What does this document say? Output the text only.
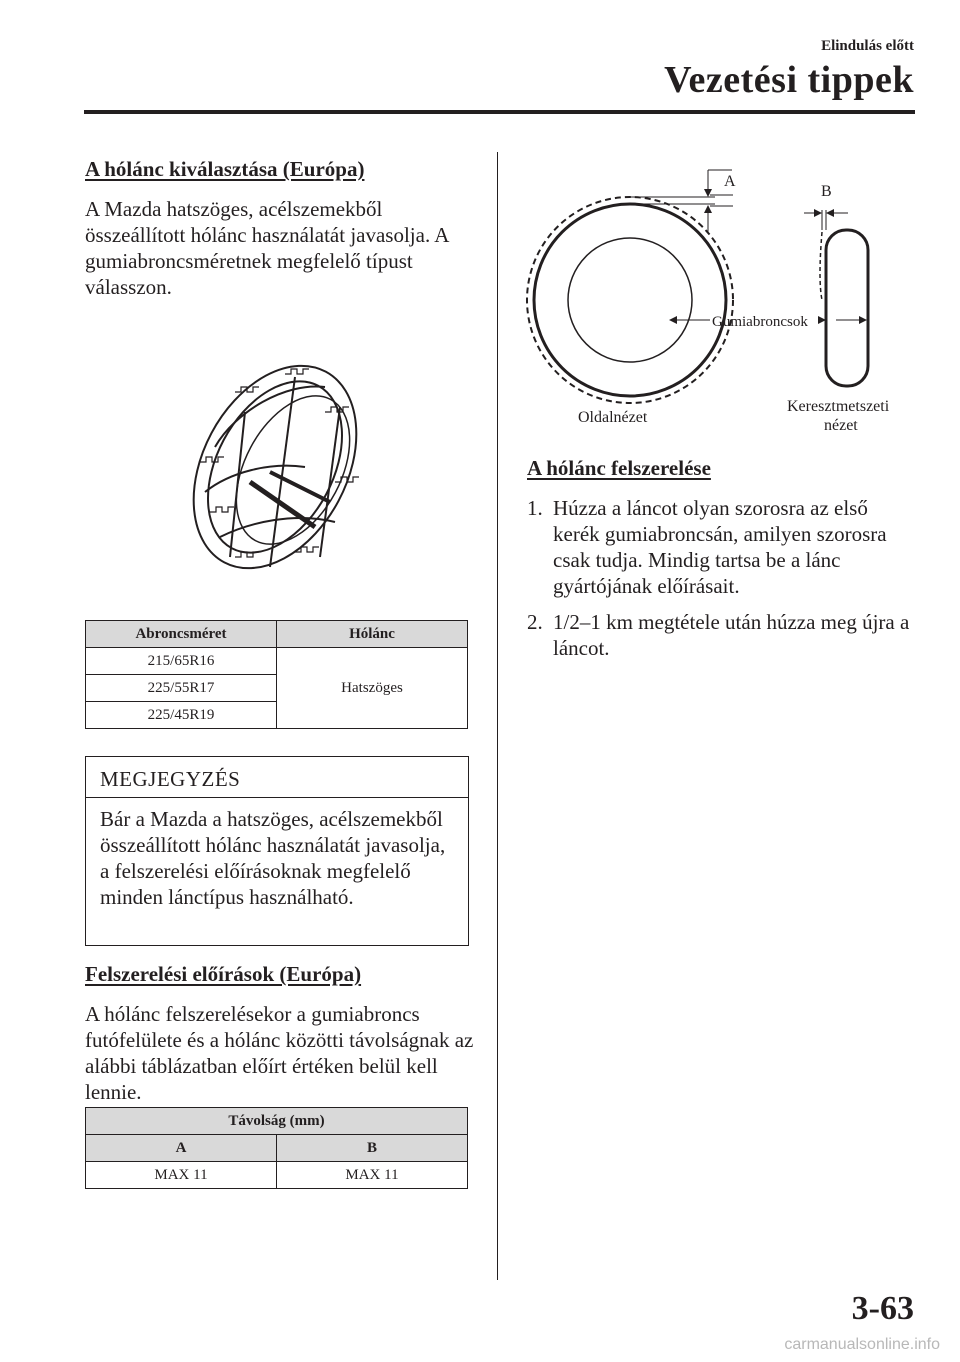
Elindulás előtt
Vezetési tippek
A hólánc kiválasztása (Európa)

A Mazda hatszöges, acélszemekből összeállított hólánc használatát javasolja. A gumiabroncsméretnek megfelelő típust válasszon.

Abroncsméret	Hólánc
215/65R16	Hatszöges
225/55R17	
225/45R19	
MEGJEGYZÉS
Bár a Mazda a hatszöges, acélszemekből összeállított hólánc használatát javasolja, a felszerelési előírásoknak megfelelő minden lánctípus használható.
Felszerelési előírások (Európa)

A hólánc felszerelésekor a gumiabroncs futófelülete és a hólánc közötti távolságnak az alábbi táblázatban előírt értéken belül kell lennie.

Távolság (mm)	
A	B
MAX 11	MAX 11
A
B
Gumiabroncsok
Oldalnézet
Keresztmetszeti
nézet
A hólánc felszerelése
1. Húzza a láncot olyan szorosra az első kerék gumiabroncsán, amilyen szorosra csak tudja. Mindig tartsa be a lánc gyártójának előírásait.
2. 1/2–1 km megtétele után húzza meg újra a láncot.
3-63
carmanualsonline.info
